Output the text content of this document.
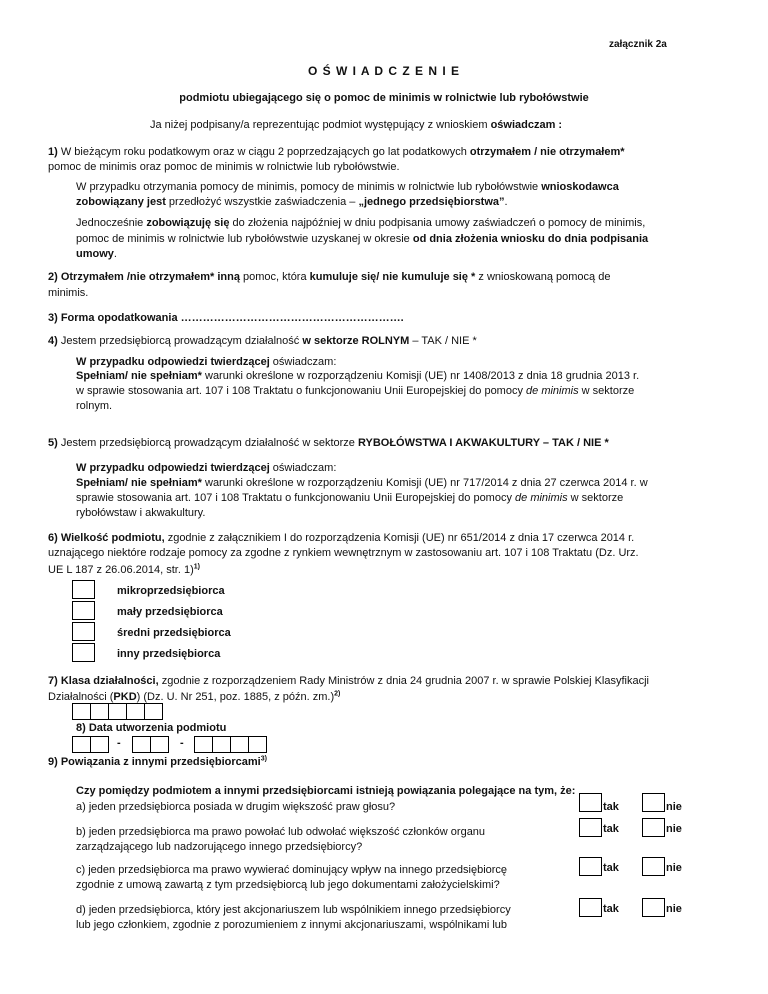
załącznik 2a
O Ś W I A D C Z E N I E
podmiotu ubiegającego się o pomoc de minimis w rolnictwie lub rybołówstwie
Ja niżej podpisany/a reprezentując podmiot występujący z wnioskiem oświadczam :
1) W bieżącym roku podatkowym oraz w ciągu 2 poprzedzających go lat podatkowych otrzymałem / nie otrzymałem*
pomoc de minimis oraz pomoc de minimis w rolnictwie lub rybołówstwie.
W przypadku otrzymania pomocy de minimis, pomocy de minimis w rolnictwie lub rybołówstwie wnioskodawca
zobowiązany jest przedłożyć wszystkie zaświadczenia – „jednego przedsiębiorstwa”.
Jednocześnie zobowiązuję się do złożenia najpóźniej w dniu podpisania umowy zaświadczeń o pomocy de minimis,
pomoc de minimis w rolnictwie lub rybołówstwie uzyskanej w okresie od dnia złożenia wniosku do dnia podpisania
umowy.
2) Otrzymałem /nie otrzymałem* inną pomoc, która kumuluje się/ nie kumuluje się * z wnioskowaną pomocą de
minimis.
3) Forma opodatkowania …………………………………………………….
4) Jestem przedsiębiorcą prowadzącym działalność w sektorze ROLNYM – TAK / NIE *
W przypadku odpowiedzi twierdzącej oświadczam:
Spełniam/ nie spełniam* warunki określone w rozporządzeniu Komisji (UE) nr 1408/2013 z dnia 18 grudnia 2013 r.
w sprawie stosowania art. 107 i 108 Traktatu o funkcjonowaniu Unii Europejskiej do pomocy de minimis w sektorze
rolnym.
5) Jestem przedsiębiorcą prowadzącym działalność w sektorze RYBOŁÓWSTWA I AKWAKULTURY – TAK / NIE *
W przypadku odpowiedzi twierdzącej oświadczam:
Spełniam/ nie spełniam* warunki określone w rozporządzeniu Komisji (UE) nr 717/2014 z dnia 27 czerwca 2014 r. w
sprawie stosowania art. 107 i 108 Traktatu o funkcjonowaniu Unii Europejskiej do pomocy de minimis w sektorze
rybołówstaw i akwakultury.
6) Wielkość podmiotu, zgodnie z załącznikiem I do rozporządzenia Komisji (UE) nr 651/2014 z dnia 17 czerwca 2014 r.
uznającego niektóre rodzaje pomocy za zgodne z rynkiem wewnętrznym w zastosowaniu art. 107 i 108 Traktatu (Dz. Urz.
UE L 187 z 26.06.2014, str. 1)$^{1)}$
mikroprzedsiębiorca
mały przedsiębiorca
średni przedsiębiorca
inny przedsiębiorca
7) Klasa działalności, zgodnie z rozporządzeniem Rady Ministrów z dnia 24 grudnia 2007 r. w sprawie Polskiej Klasyfikacji
Działalności (PKD) (Dz. U. Nr 251, poz. 1885, z późn. zm.)$^{2)}$
8) Data utworzenia podmiotu
-	-
9) Powiązania z innymi przedsiębiorcami$^{3)}$
Czy pomiędzy podmiotem a innymi przedsiębiorcami istnieją powiązania polegające na tym, że:
a) jeden przedsiębiorca posiada w drugim większość praw głosu?	tak	nie
b) jeden przedsiębiorca ma prawo powołać lub odwołać większość członków organu
zarządzającego lub nadzorującego innego przedsiębiorcy?
tak	nie
c) jeden przedsiębiorca ma prawo wywierać dominujący wpływ na innego przedsiębiorcę
zgodnie z umową zawartą z tym przedsiębiorcą lub jego dokumentami założycielskimi?
tak	nie
d) jeden przedsiębiorca, który jest akcjonariuszem lub wspólnikiem innego przedsiębiorcy
lub jego członkiem, zgodnie z porozumieniem z innymi akcjonariuszami, wspólnikami lub
tak	nie
